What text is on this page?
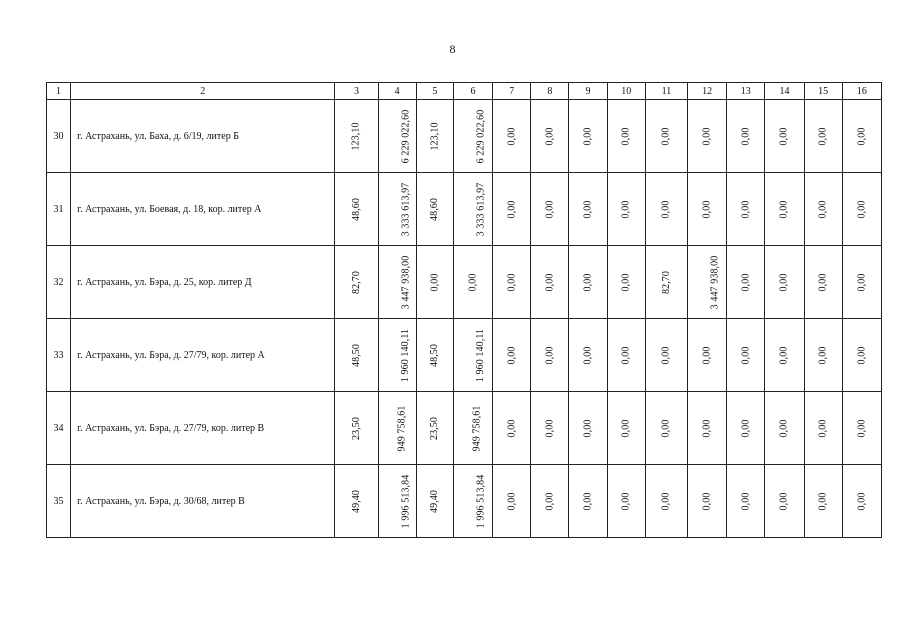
8
1	2	3	4	5	6	7	8	9	10	11	12	13	14	15	16
30	г. Астрахань, ул. Баха, д. 6/19, литер Б	123,10	6 229 022,60	123,10	6 229 022,60	0,00	0,00	0,00	0,00	0,00	0,00	0,00	0,00	0,00	0,00
31	г. Астрахань, ул. Боевая, д. 18, кор. литер А	48,60	3 333 613,97	48,60	3 333 613,97	0,00	0,00	0,00	0,00	0,00	0,00	0,00	0,00	0,00	0,00
32	г. Астрахань, ул. Бэра, д. 25, кор. литер Д	82,70	3 447 938,00	0,00	0,00	0,00	0,00	0,00	0,00	82,70	3 447 938,00	0,00	0,00	0,00	0,00
33	г. Астрахань, ул. Бэра, д. 27/79, кор. литер А	48,50	1 960 140,11	48,50	1 960 140,11	0,00	0,00	0,00	0,00	0,00	0,00	0,00	0,00	0,00	0,00
34	г. Астрахань, ул. Бэра, д. 27/79, кор. литер В	23,50	949 758,61	23,50	949 758,61	0,00	0,00	0,00	0,00	0,00	0,00	0,00	0,00	0,00	0,00
35	г. Астрахань, ул. Бэра, д. 30/68, литер В	49,40	1 996 513,84	49,40	1 996 513,84	0,00	0,00	0,00	0,00	0,00	0,00	0,00	0,00	0,00	0,00
